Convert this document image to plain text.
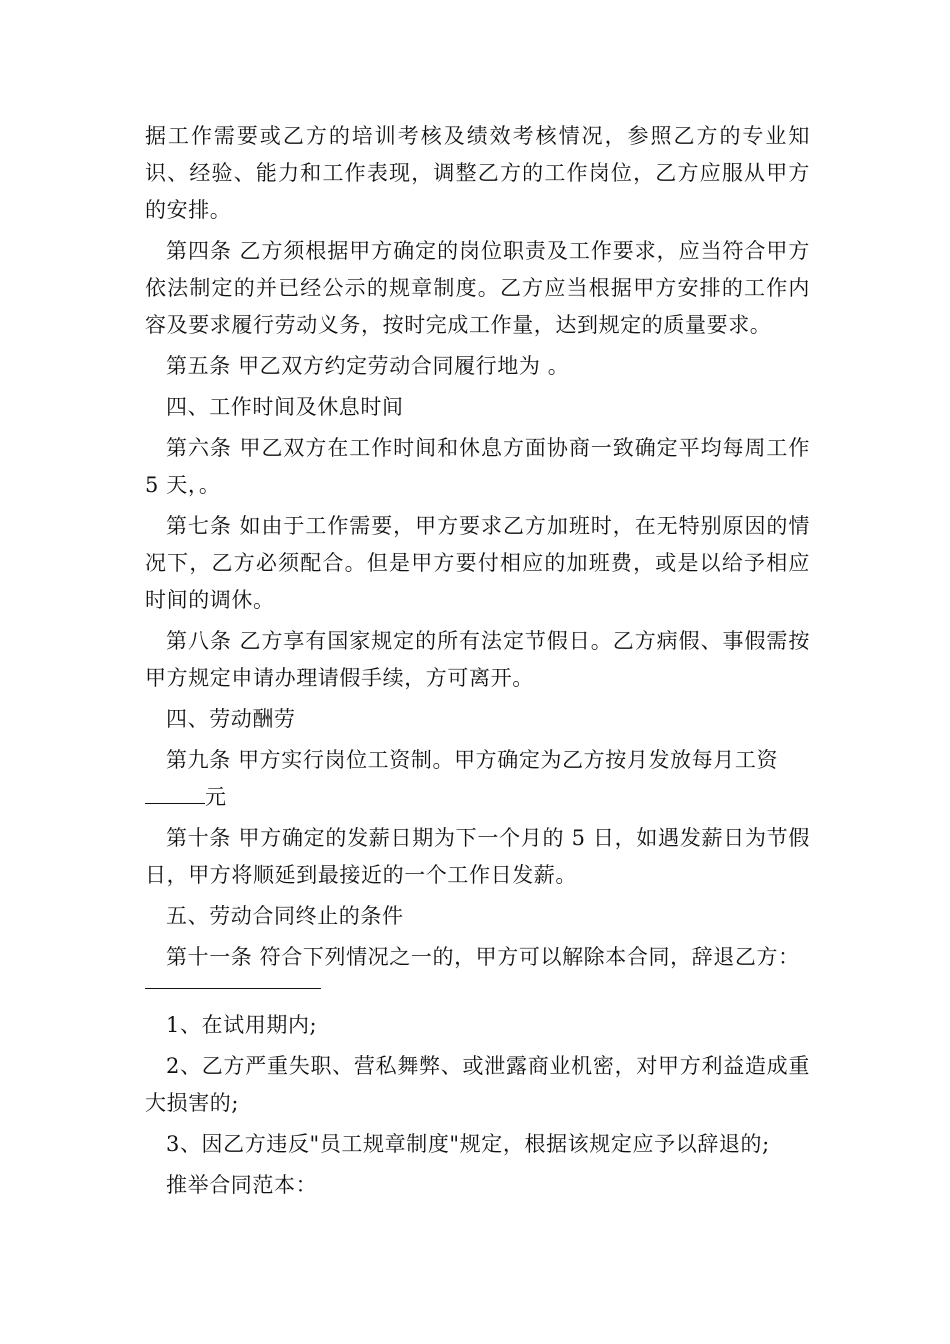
据工作需要或乙方的培训考核及绩效考核情况，参照乙方的专业知识、经验、能力和工作表现，调整乙方的工作岗位，乙方应服从甲方的安排。

第四条 乙方须根据甲方确定的岗位职责及工作要求，应当符合甲方依法制定的并已经公示的规章制度。乙方应当根据甲方安排的工作内容及要求履行劳动义务，按时完成工作量，达到规定的质量要求。

第五条 甲乙双方约定劳动合同履行地为 。

四、工作时间及休息时间

第六条 甲乙双方在工作时间和休息方面协商一致确定平均每周工作 5 天，。

第七条 如由于工作需要，甲方要求乙方加班时，在无特别原因的情况下，乙方必须配合。但是甲方要付相应的加班费，或是以给予相应时间的调休。

第八条 乙方享有国家规定的所有法定节假日。乙方病假、事假需按甲方规定申请办理请假手续，方可离开。

四、劳动酬劳

第九条 甲方实行岗位工资制。甲方确定为乙方按月发放每月工资
元

第十条 甲方确定的发薪日期为下一个月的 5 日，如遇发薪日为节假日，甲方将顺延到最接近的一个工作日发薪。

五、劳动合同终止的条件

第十一条 符合下列情况之一的，甲方可以解除本合同，辞退乙方：

1、在试用期内;

2、乙方严重失职、营私舞弊、或泄露商业机密，对甲方利益造成重大损害的;

3、因乙方违反"员工规章制度"规定，根据该规定应予以辞退的;

推举合同范本：
